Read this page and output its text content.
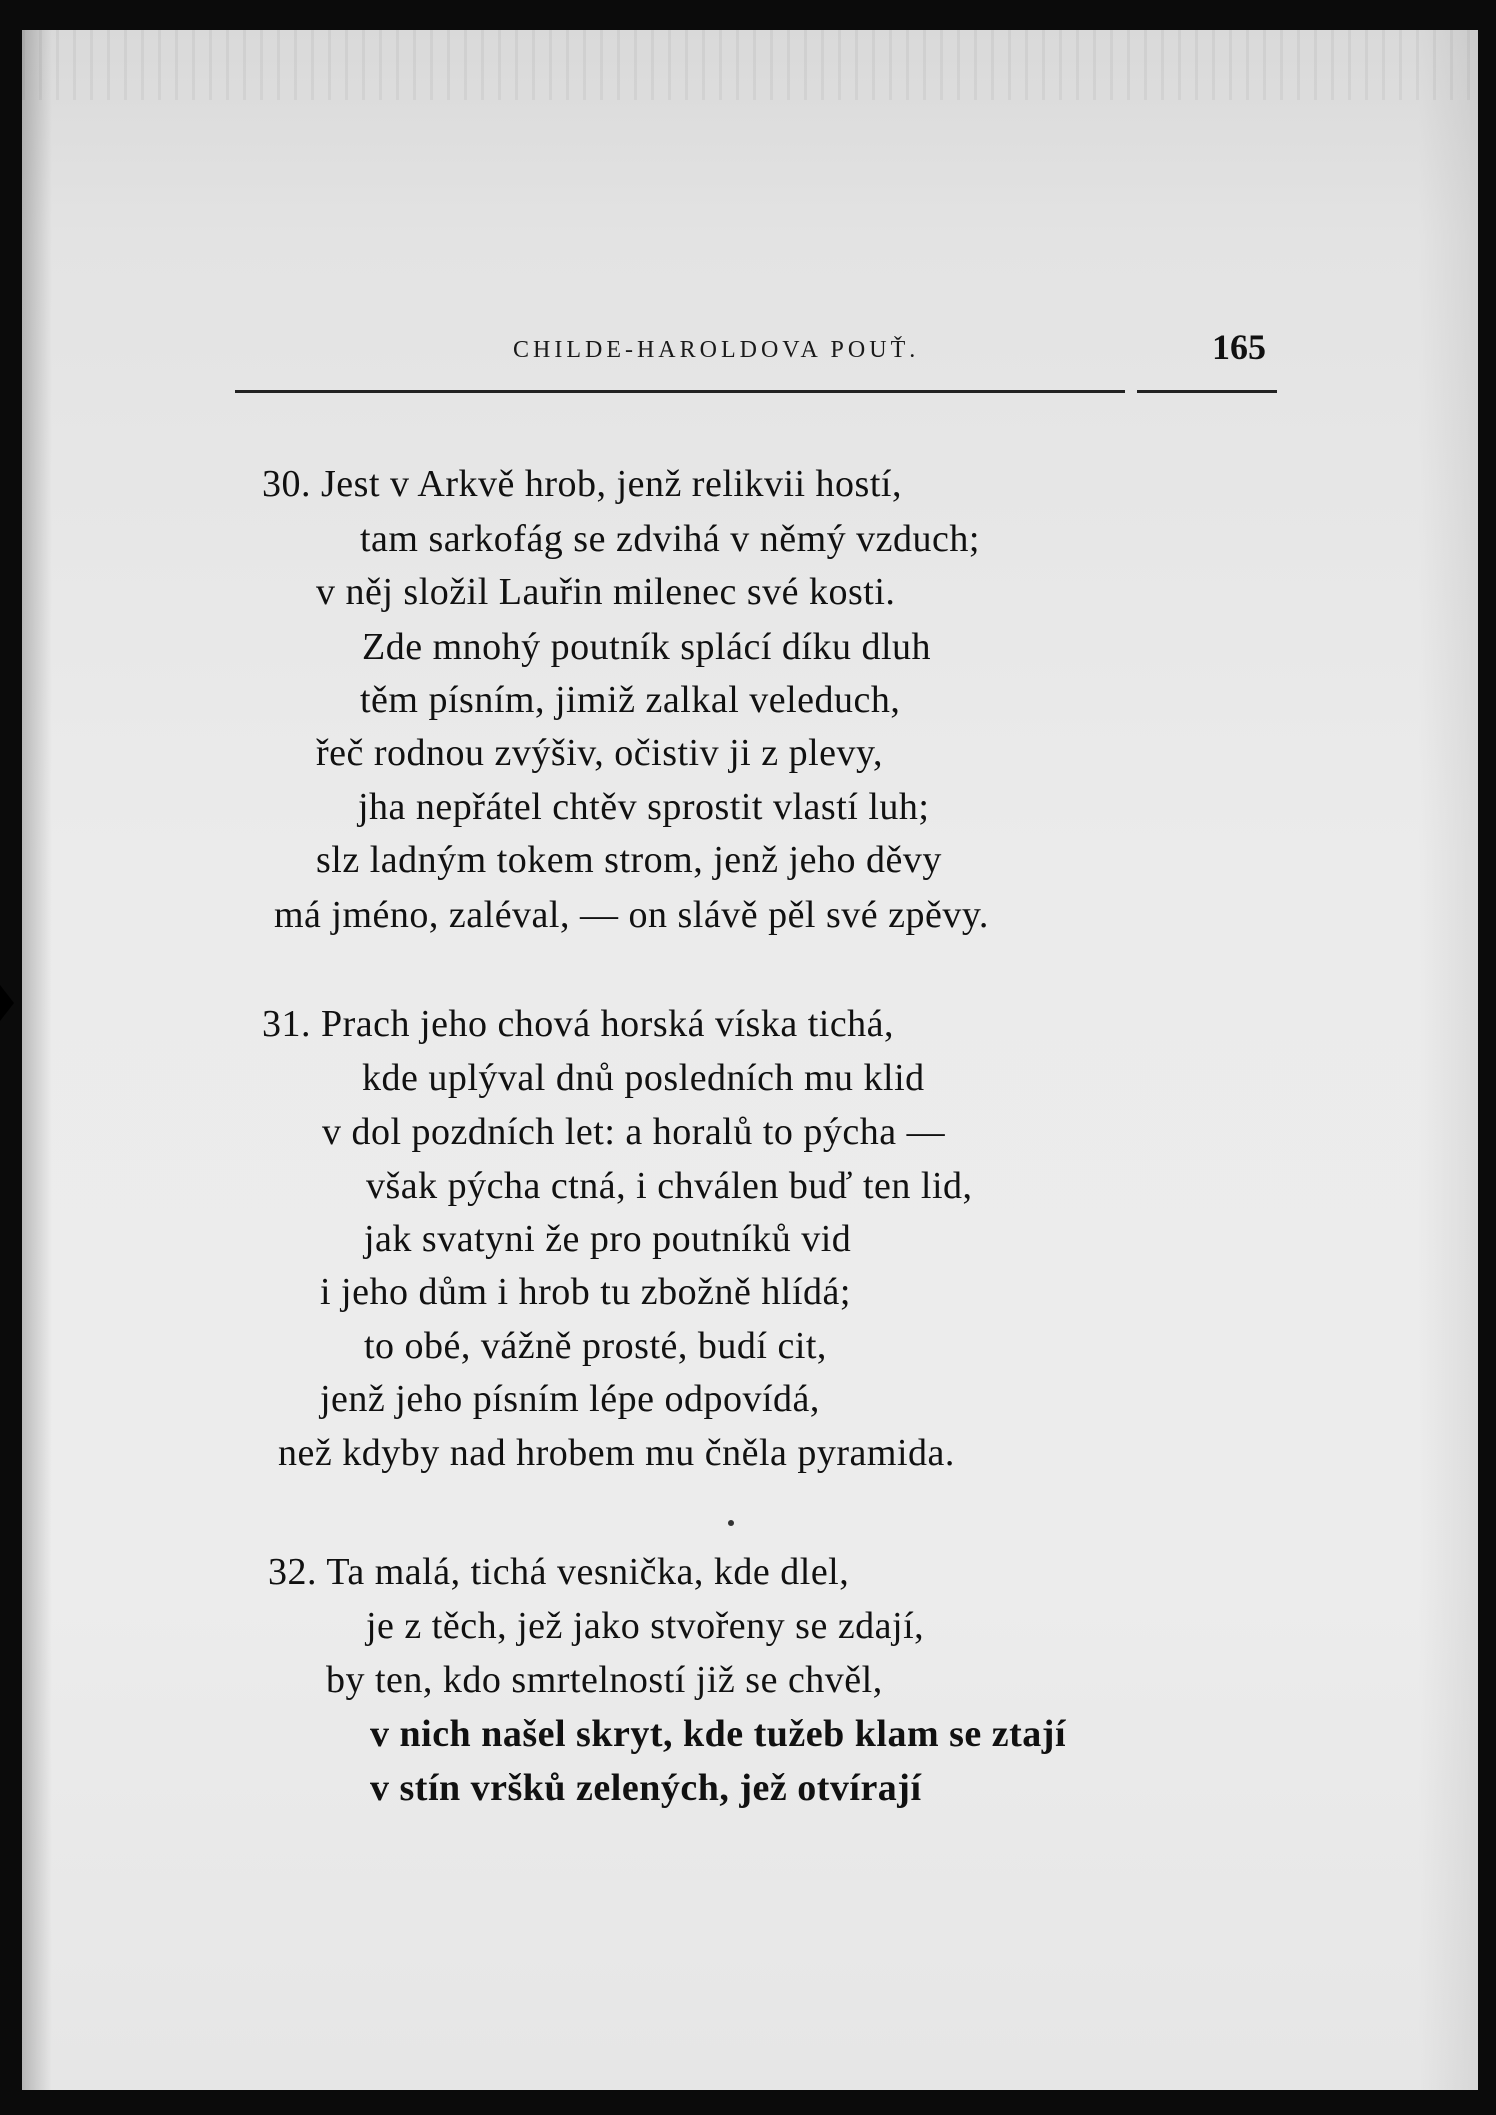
CHILDE-HAROLDOVA POUŤ.	165
30. Jest v Arkvě hrob, jenž relikvii hostí,
tam sarkofág se zdvihá v němý vzduch;
v něj složil Lauřin milenec své kosti.
Zde mnohý poutník splácí díku dluh
těm písním, jimiž zalkal veleduch,
řeč rodnou zvýšiv, očistiv ji z plevy,
jha nepřátel chtěv sprostit vlastí luh;
slz ladným tokem strom, jenž jeho děvy
má jméno, zaléval, — on slávě pěl své zpěvy.
31. Prach jeho chová horská víska tichá,
kde uplýval dnů posledních mu klid
v dol pozdních let: a horalů to pýcha —
však pýcha ctná, i chválen buď ten lid,
jak svatyni že pro poutníků vid
i jeho dům i hrob tu zbožně hlídá;
to obé, vážně prosté, budí cit,
jenž jeho písním lépe odpovídá,
než kdyby nad hrobem mu čněla pyramida.
32. Ta malá, tichá vesnička, kde dlel,
je z těch, jež jako stvořeny se zdají,
by ten, kdo smrtelností již se chvěl,
v nich našel skryt, kde tužeb klam se ztají
v stín vršků zelených, jež otvírají
